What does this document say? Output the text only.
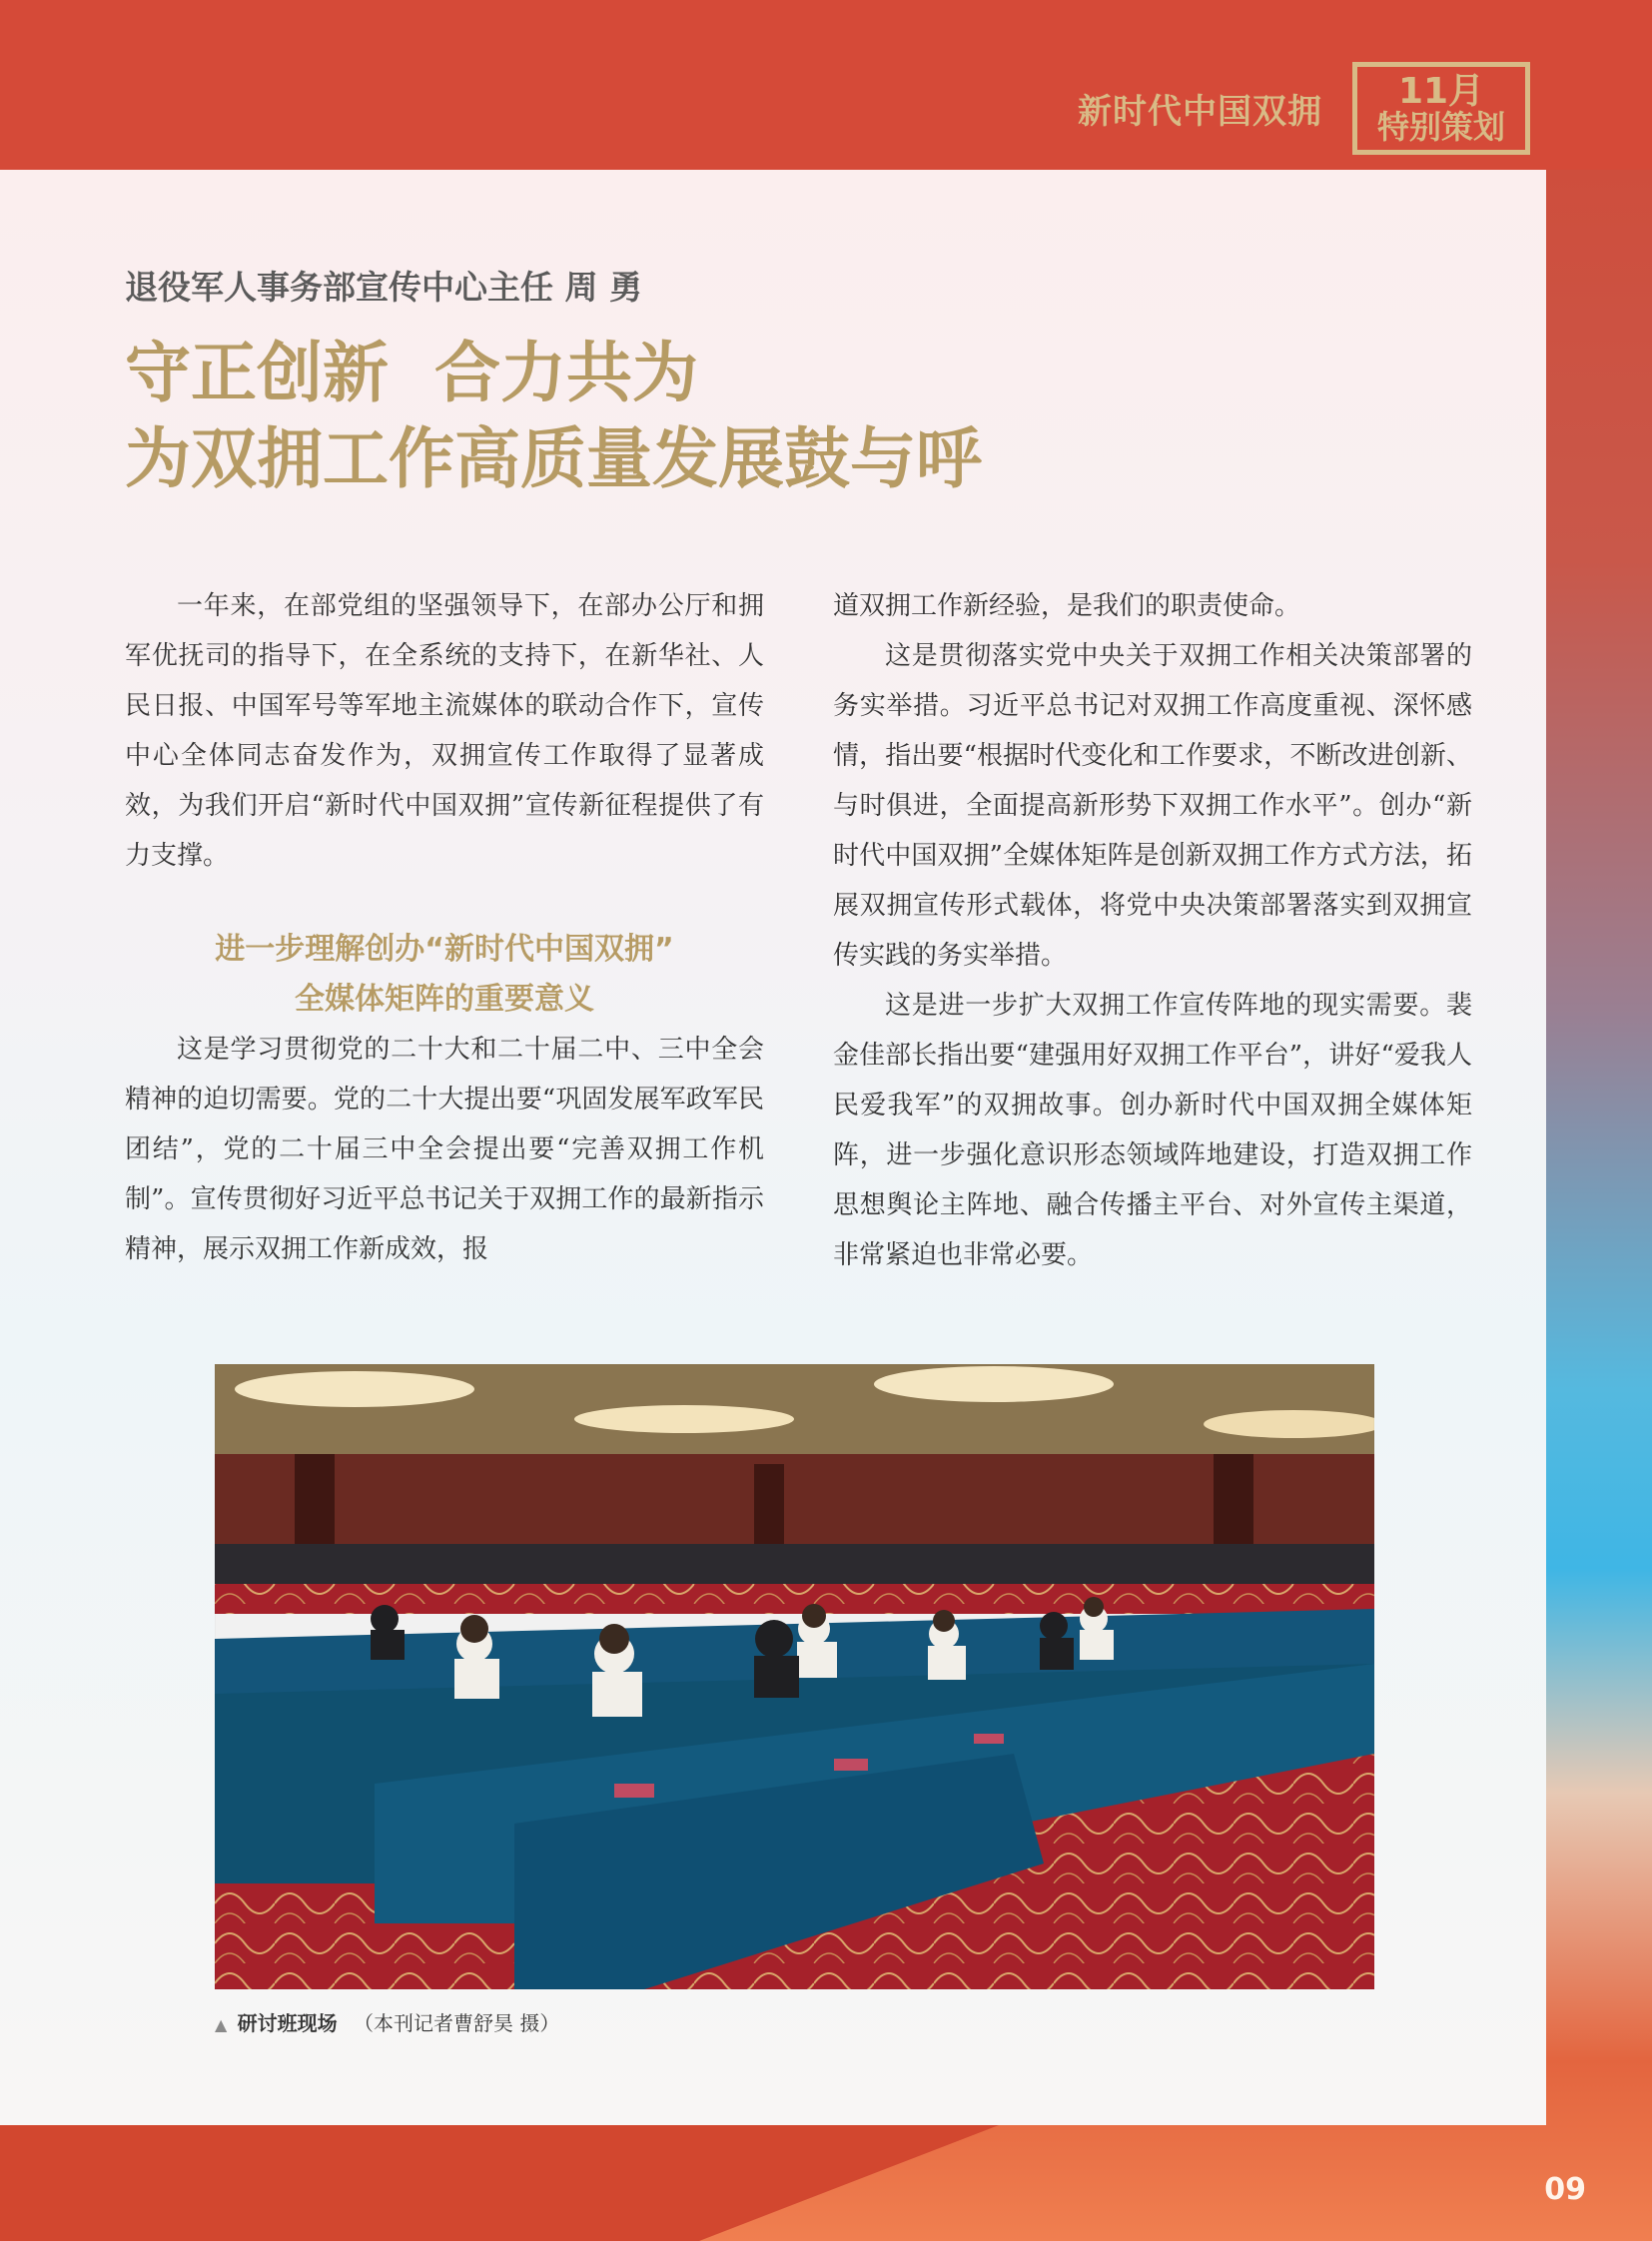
新时代中国双拥
11月
特别策划
退役军人事务部宣传中心主任 周 勇
守正创新  合力共为
为双拥工作高质量发展鼓与呼

一年来，在部党组的坚强领导下，在部办公厅和拥军优抚司的指导下，在全系统的支持下，在新华社、人民日报、中国军号等军地主流媒体的联动合作下，宣传中心全体同志奋发作为，双拥宣传工作取得了显著成效，为我们开启“新时代中国双拥”宣传新征程提供了有力支撑。

进一步理解创办“新时代中国双拥”
全媒体矩阵的重要意义

这是学习贯彻党的二十大和二十届二中、三中全会精神的迫切需要。党的二十大提出要“巩固发展军政军民团结”，党的二十届三中全会提出要“完善双拥工作机制”。宣传贯彻好习近平总书记关于双拥工作的最新指示精神，展示双拥工作新成效，报

道双拥工作新经验，是我们的职责使命。

这是贯彻落实党中央关于双拥工作相关决策部署的务实举措。习近平总书记对双拥工作高度重视、深怀感情，指出要“根据时代变化和工作要求，不断改进创新、与时俱进，全面提高新形势下双拥工作水平”。创办“新时代中国双拥”全媒体矩阵是创新双拥工作方式方法，拓展双拥宣传形式载体，将党中央决策部署落实到双拥宣传实践的务实举措。

这是进一步扩大双拥工作宣传阵地的现实需要。裴金佳部长指出要“建强用好双拥工作平台”，讲好“爱我人民爱我军”的双拥故事。创办新时代中国双拥全媒体矩阵，进一步强化意识形态领域阵地建设，打造双拥工作思想舆论主阵地、融合传播主平台、对外宣传主渠道，非常紧迫也非常必要。

▲ 研讨班现场 （本刊记者曹舒昊 摄）
09
